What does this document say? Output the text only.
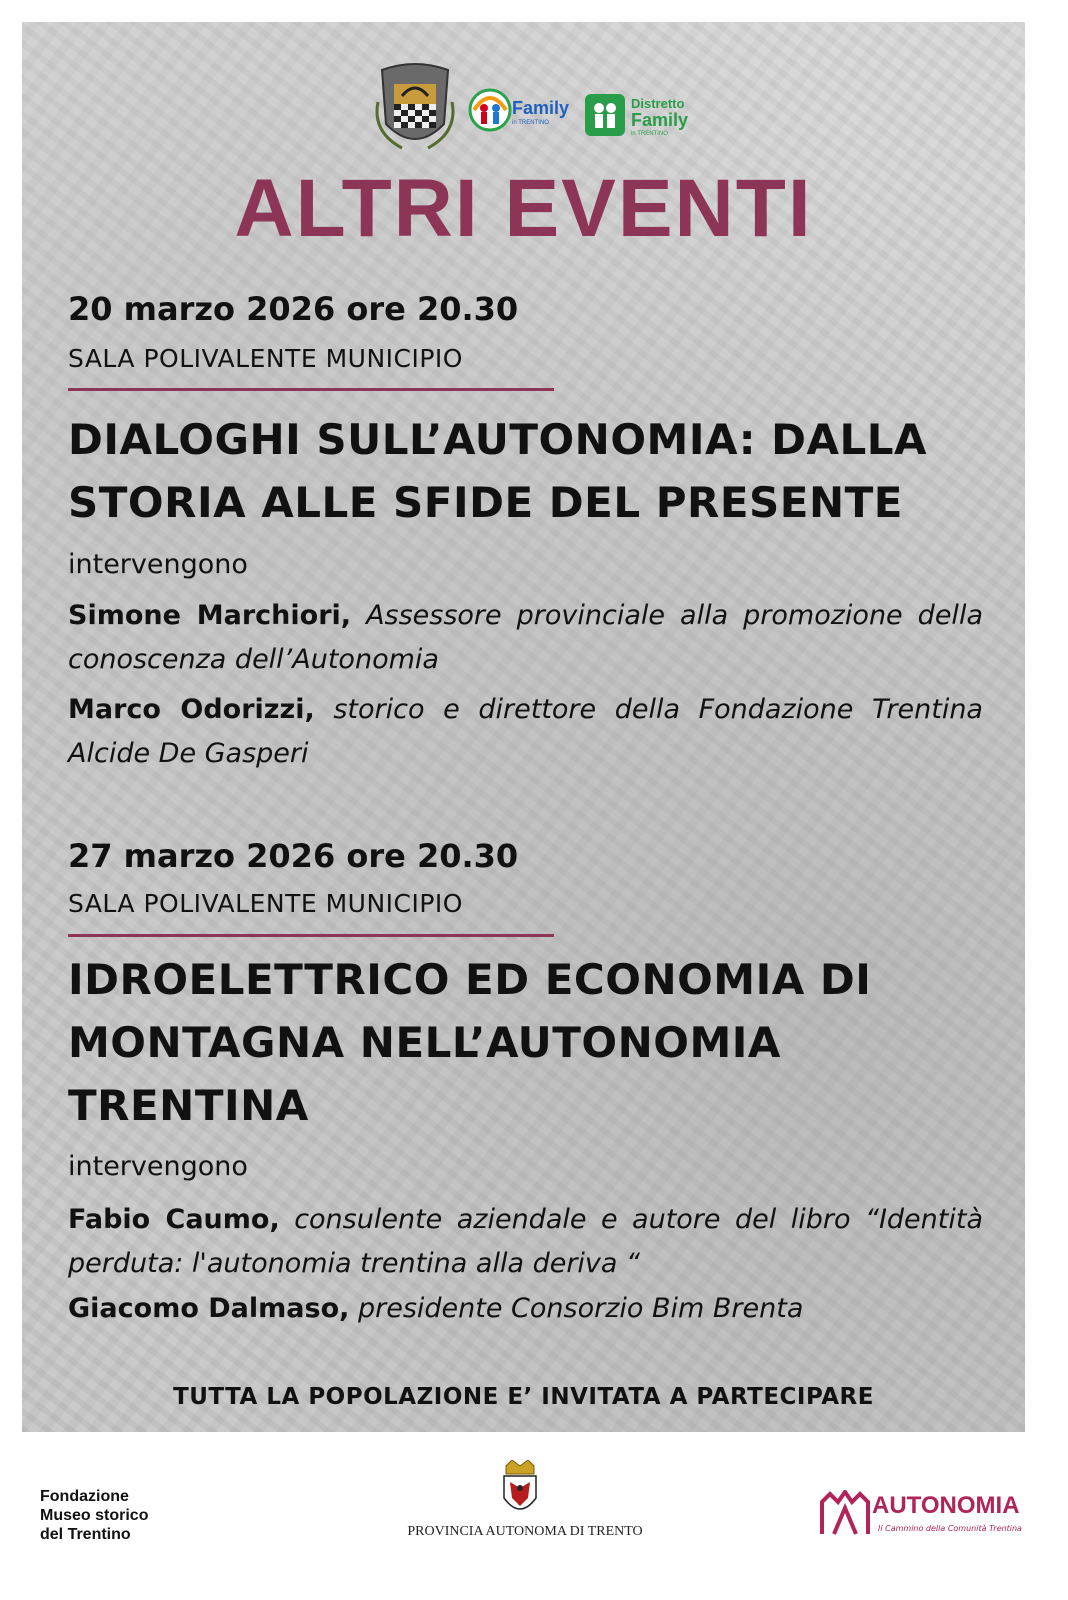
Family
in TRENTINO
Distretto
Family
in TRENTINO
ALTRI EVENTI
20 marzo 2026 ore 20.30
SALA POLIVALENTE MUNICIPIO
DIALOGHI SULL’AUTONOMIA: DALLA
STORIA ALLE SFIDE DEL PRESENTE
intervengono
Simone Marchiori, Assessore provinciale alla promozione della conoscenza dell’Autonomia
Marco Odorizzi, storico e direttore della Fondazione Trentina Alcide De Gasperi
27 marzo 2026 ore 20.30
SALA POLIVALENTE MUNICIPIO
IDROELETTRICO ED ECONOMIA DI
MONTAGNA NELL’AUTONOMIA
TRENTINA
intervengono
Fabio Caumo, consulente aziendale e autore del libro “Identità perduta: l'autonomia trentina alla deriva “
Giacomo Dalmaso, presidente Consorzio Bim Brenta
TUTTA LA POPOLAZIONE E’ INVITATA A PARTECIPARE
Fondazione
Museo storico
del Trentino	PROVINCIA AUTONOMA DI TRENTO
AUTONOMIA
Il Cammino della Comunità Trentina
